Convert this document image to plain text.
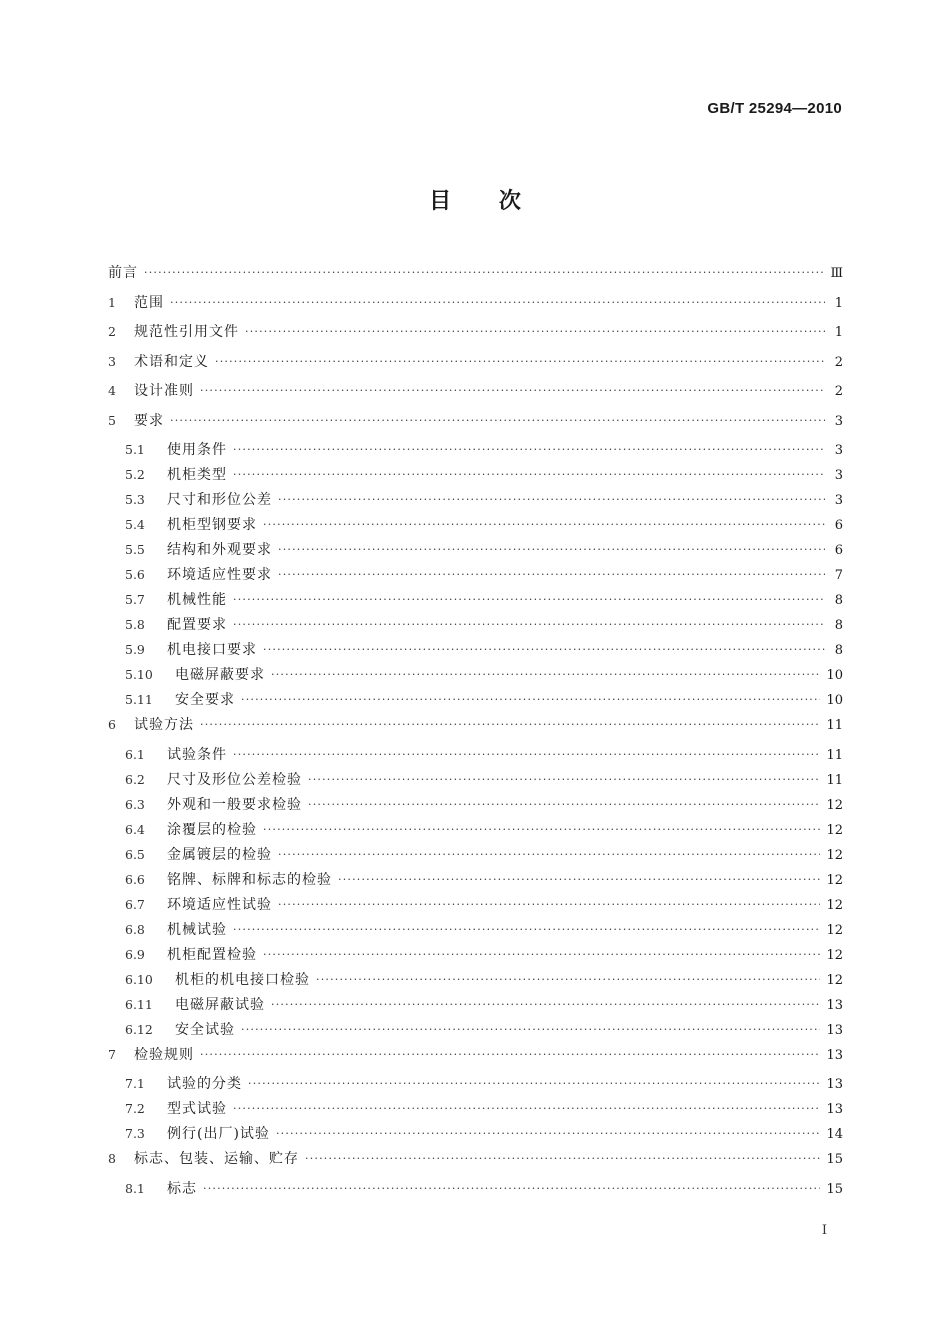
GB/T 25294—2010
目 次
前言 ·····	Ⅲ
1	范围 ·····	1
2	规范性引用文件 ·····	1
3	术语和定义 ·····	2
4	设计准则 ·····	2
5	要求 ·····	3
5.1	使用条件 ·····	3
5.2	机柜类型 ·····	3
5.3	尺寸和形位公差 ·····	3
5.4	机柜型钢要求 ·····	6
5.5	结构和外观要求 ·····	6
5.6	环境适应性要求 ·····	7
5.7	机械性能 ·····	8
5.8	配置要求 ·····	8
5.9	机电接口要求 ·····	8
5.10	电磁屏蔽要求 ·····	10
5.11	安全要求 ·····	10
6	试验方法 ·····	11
6.1	试验条件 ·····	11
6.2	尺寸及形位公差检验 ·····	11
6.3	外观和一般要求检验 ·····	12
6.4	涂覆层的检验 ·····	12
6.5	金属镀层的检验 ·····	12
6.6	铭牌、标牌和标志的检验 ·····	12
6.7	环境适应性试验 ·····	12
6.8	机械试验 ·····	12
6.9	机柜配置检验 ·····	12
6.10	机柜的机电接口检验 ·····	12
6.11	电磁屏蔽试验 ·····	13
6.12	安全试验 ·····	13
7	检验规则 ·····	13
7.1	试验的分类 ·····	13
7.2	型式试验 ·····	13
7.3	例行(出厂)试验 ·····	14
8	标志、包装、运输、贮存 ·····	15
8.1	标志 ·····	15
I
